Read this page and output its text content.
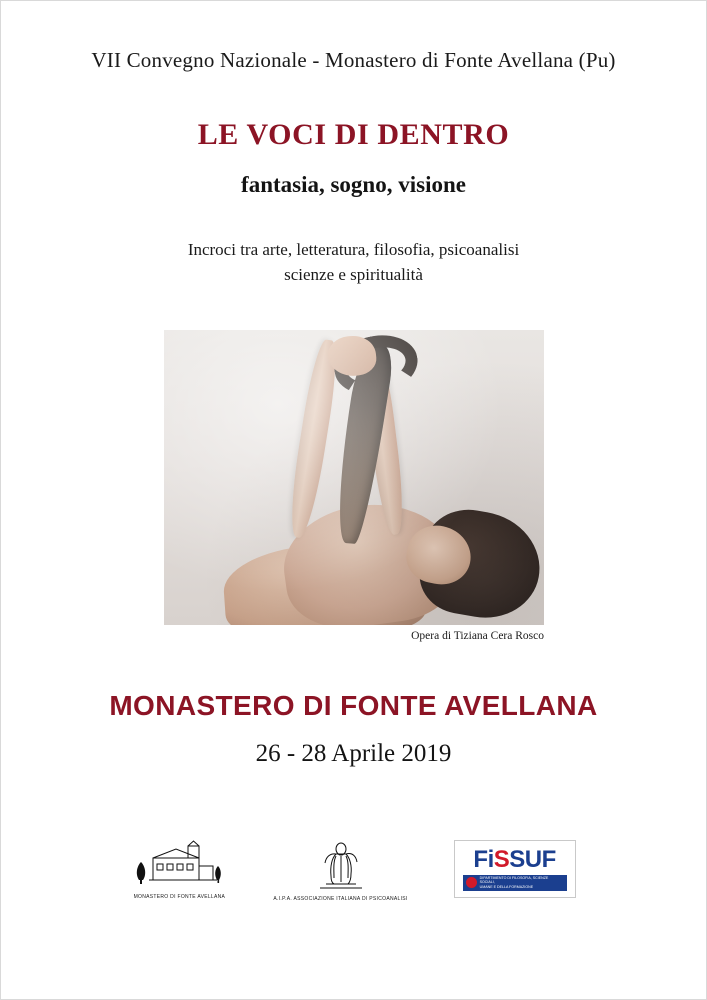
VII Convegno Nazionale - Monastero di Fonte Avellana (Pu)
LE VOCI DI DENTRO
fantasia, sogno, visione
Incroci tra arte, letteratura, filosofia, psicoanalisi
scienze e spiritualità
Opera di Tiziana Cera Rosco
MONASTERO DI FONTE AVELLANA
26 - 28 Aprile 2019
MONASTERO DI FONTE AVELLANA	A.I.P.A. ASSOCIAZIONE ITALIANA DI PSICOANALISI
FiSSUF
DIPARTIMENTO DI FILOSOFIA, SCIENZE SOCIALI,
UMANE E DELLA FORMAZIONE
